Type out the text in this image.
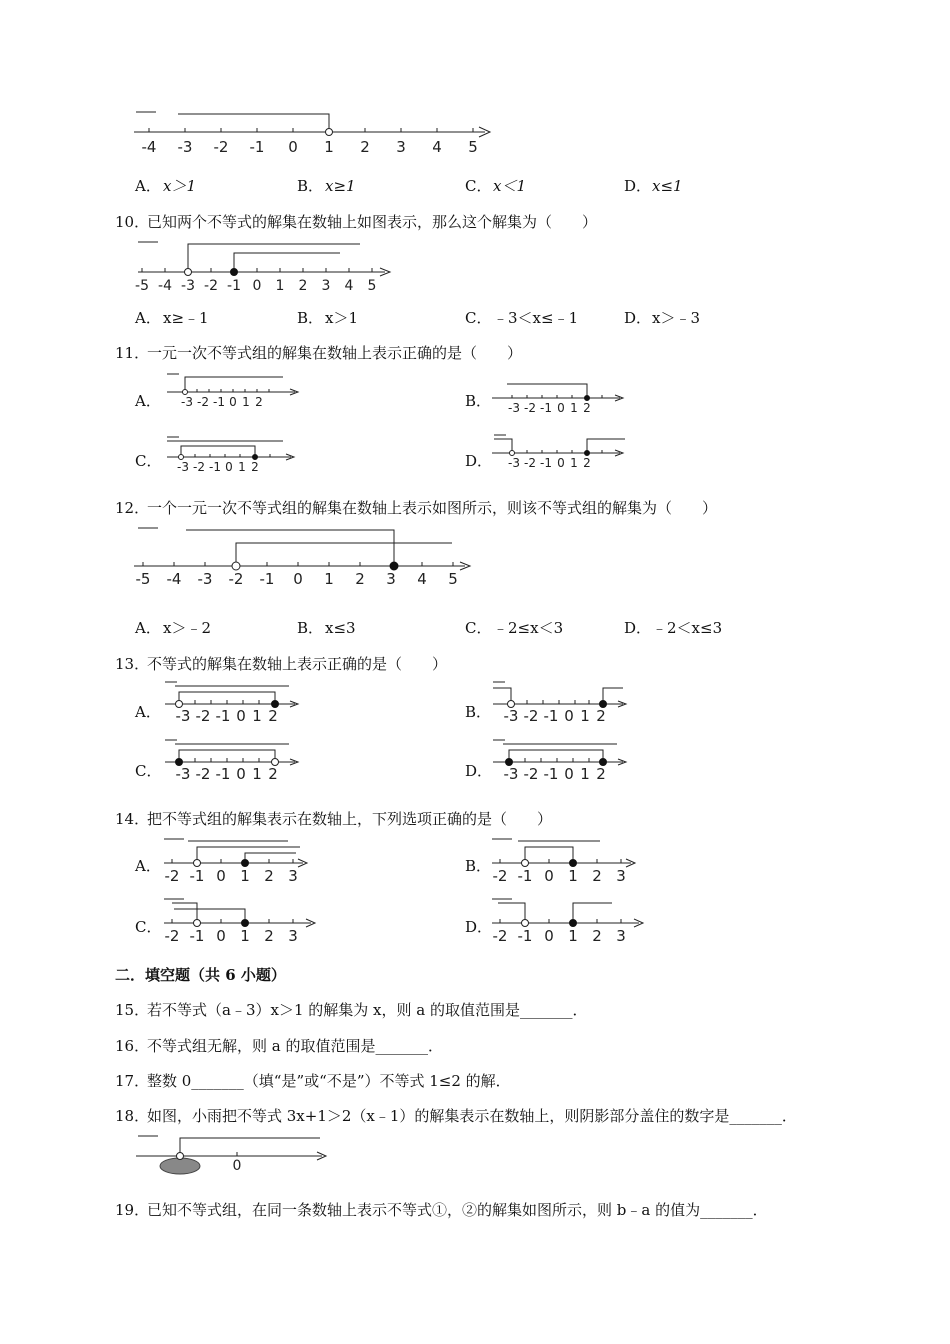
-4 -3 -2 -1 0 1 2 3 4 5
A． x＞1	B． x≥1	C． x＜1	D． x≤1
10．
已知两个不等式的解集在数轴上如图表示，那么这个解集为（　　）
-5 -4 -3 -2 -1 0 1 2 3 4 5
A． x≥﹣1	B． x＞1	C． ﹣3＜x≤﹣1	D． x＞﹣3
11．
一元一次不等式组的解集在数轴上表示正确的是（　　）
A． -3 -2 -1 0 1 2	B． -3 -2 -1 0 1 2
C． -3 -2 -1 0 1 2	D． -3 -2 -1 0 1 2
12．
一个一元一次不等式组的解集在数轴上表示如图所示，则该不等式组的解集为（　　）
-5 -4 -3 -2 -1 0 1 2 3 4 5
A． x＞﹣2	B． x≤3	C． ﹣2≤x＜3	D． ﹣2＜x≤3
13．
不等式的解集在数轴上表示正确的是（　　）
A． -3 -2 -1 0 1 2	B． -3 -2 -1 0 1 2
C． -3 -2 -1 0 1 2	D． -3 -2 -1 0 1 2
14．
把不等式组的解集表示在数轴上，下列选项正确的是（　　）
A．
-2 -1 0 1 2 3
B．
-2 -1 0 1 2 3
C． -2 -1 0 1 2 3	D． -2 -1 0 1 2 3
二．填空题（共 6 小题）
15．
若不等式（a﹣3）x＞1 的解集为 x，则 a 的取值范围是_______．
16．
不等式组无解，则 a 的取值范围是_______．
17．
整数 0_______（填“是”或“不是”）不等式 1≤2 的解．
18．
如图，小雨把不等式 3x+1＞2（x﹣1）的解集表示在数轴上，则阴影部分盖住的数字是_______．
0
19．
已知不等式组，在同一条数轴上表示不等式①，②的解集如图所示，则 b﹣a 的值为_______．
